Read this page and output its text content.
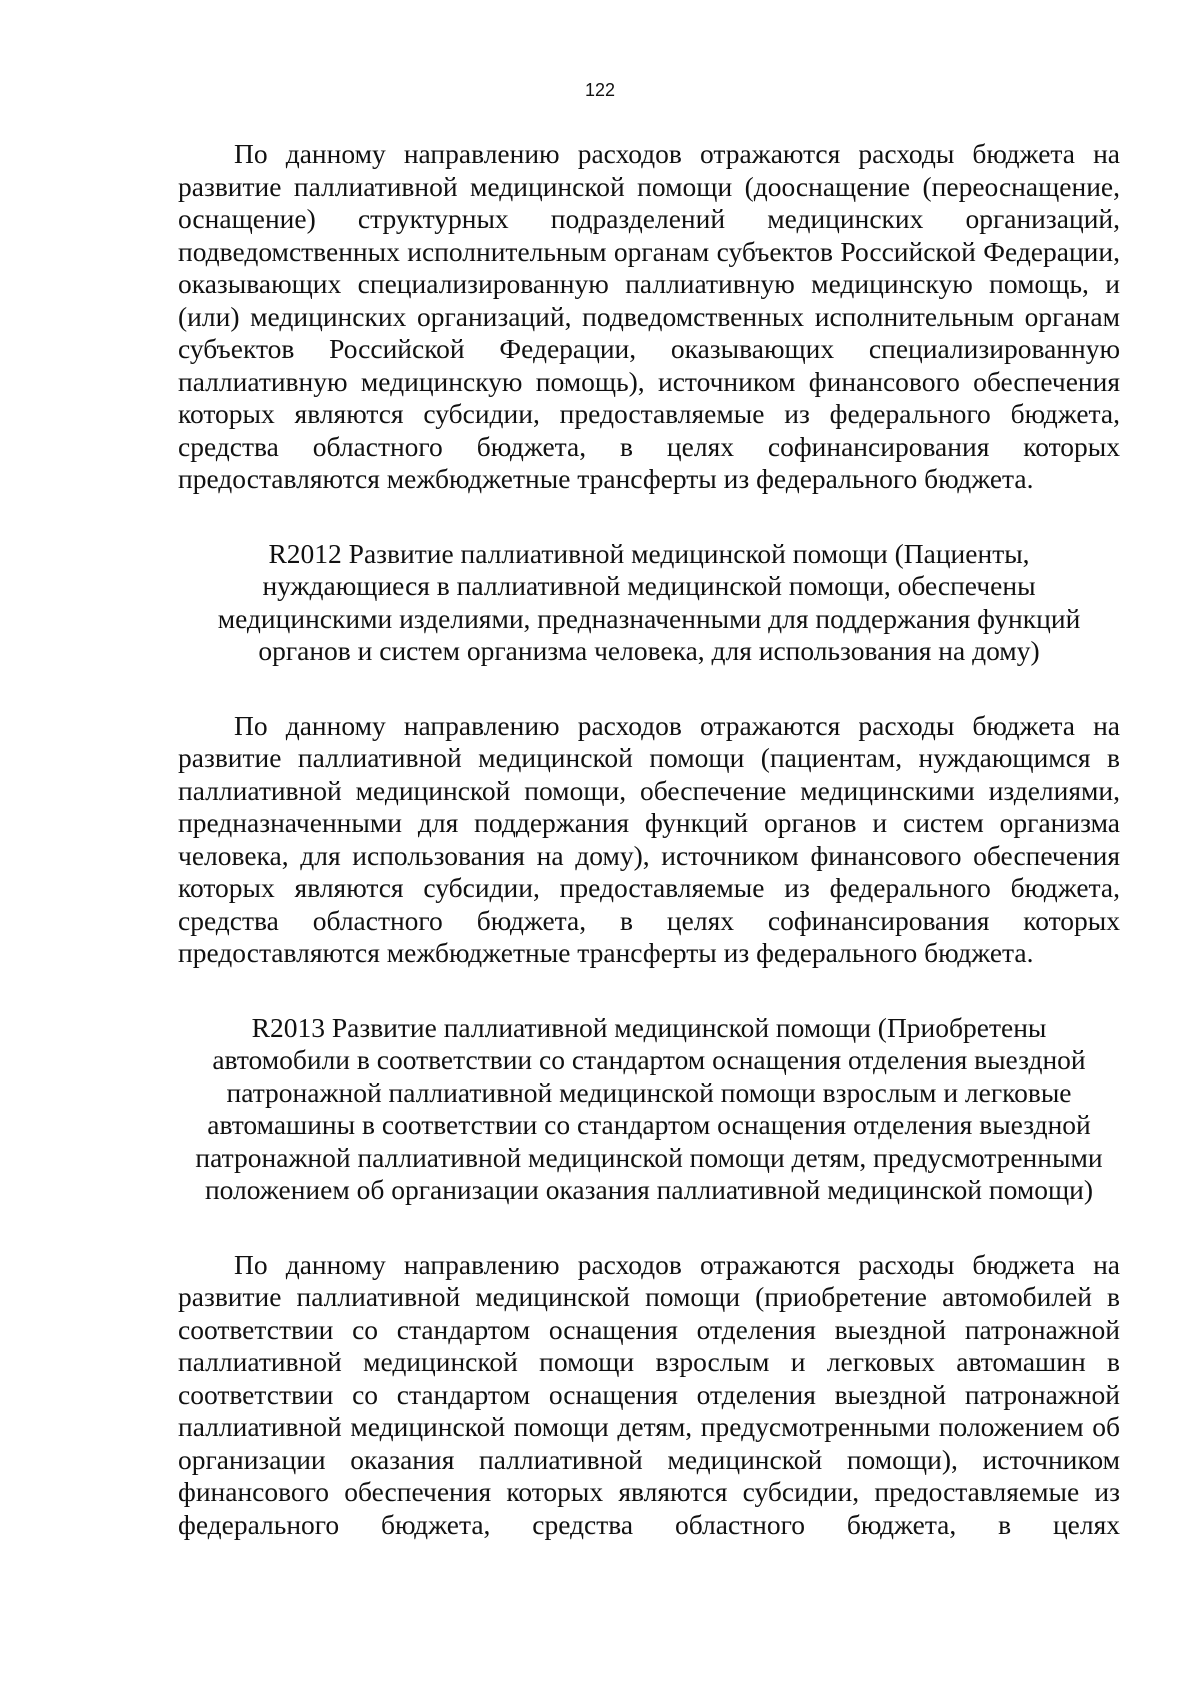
122

По данному направлению расходов отражаются расходы бюджета на развитие паллиативной медицинской помощи (дооснащение (переоснащение, оснащение) структурных подразделений медицинских организаций, подведомственных исполнительным органам субъектов Российской Федерации, оказывающих специализированную паллиативную медицинскую помощь, и (или) медицинских организаций, подведомственных исполнительным органам субъектов Российской Федерации, оказывающих специализированную паллиативную медицинскую помощь), источником финансового обеспечения которых являются субсидии, предоставляемые из федерального бюджета, средства областного бюджета, в целях софинансирования которых предоставляются межбюджетные трансферты из федерального бюджета.

R2012 Развитие паллиативной медицинской помощи (Пациенты, нуждающиеся в паллиативной медицинской помощи, обеспечены медицинскими изделиями, предназначенными для поддержания функций органов и систем организма человека, для использования на дому)

По данному направлению расходов отражаются расходы бюджета на развитие паллиативной медицинской помощи (пациентам, нуждающимся в паллиативной медицинской помощи, обеспечение медицинскими изделиями, предназначенными для поддержания функций органов и систем организма человека, для использования на дому), источником финансового обеспечения которых являются субсидии, предоставляемые из федерального бюджета, средства областного бюджета, в целях софинансирования которых предоставляются межбюджетные трансферты из федерального бюджета.

R2013 Развитие паллиативной медицинской помощи (Приобретены автомобили в соответствии со стандартом оснащения отделения выездной патронажной паллиативной медицинской помощи взрослым и легковые автомашины в соответствии со стандартом оснащения отделения выездной патронажной паллиативной медицинской помощи детям, предусмотренными положением об организации оказания паллиативной медицинской помощи)

По данному направлению расходов отражаются расходы бюджета на развитие паллиативной медицинской помощи (приобретение автомобилей в соответствии со стандартом оснащения отделения выездной патронажной паллиативной медицинской помощи взрослым и легковых автомашин в соответствии со стандартом оснащения отделения выездной патронажной паллиативной медицинской помощи детям, предусмотренными положением об организации оказания паллиативной медицинской помощи), источником финансового обеспечения которых являются субсидии, предоставляемые из федерального бюджета, средства областного бюджета, в целях
